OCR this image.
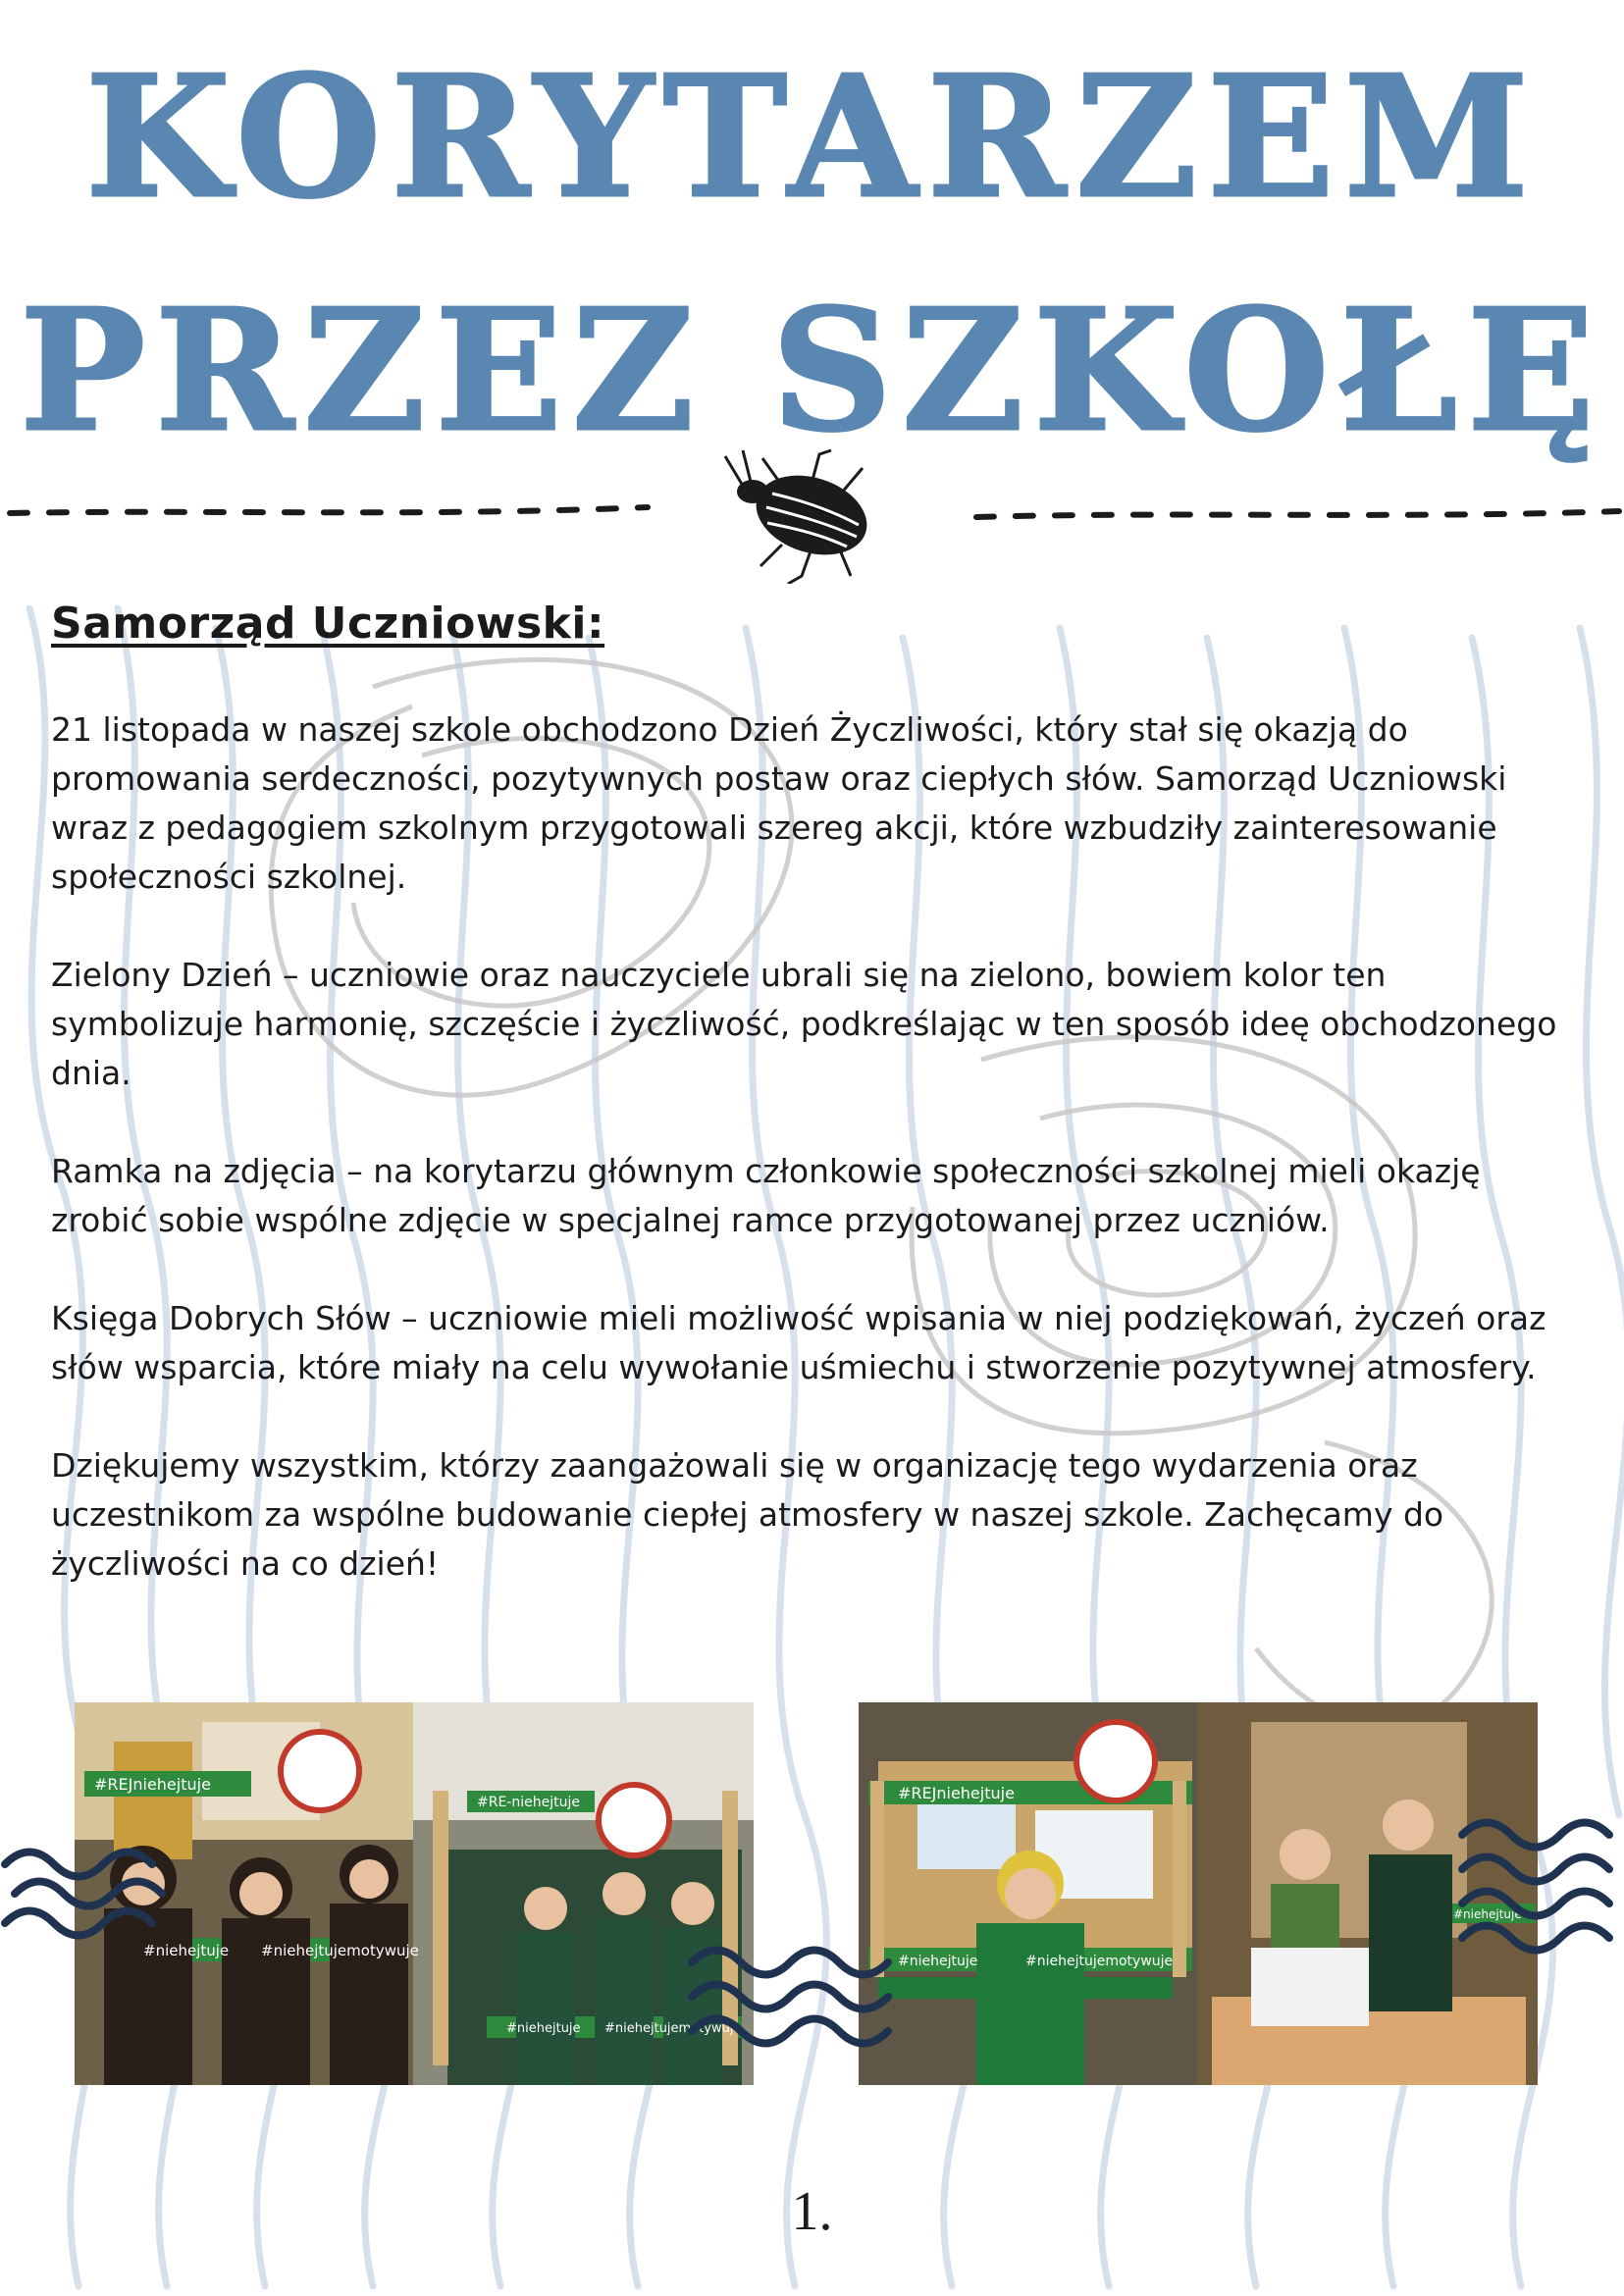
KORYTARZEM
PRZEZ SZKOŁĘ
Samorząd Uczniowski:

21 listopada w naszej szkole obchodzono Dzień Życzliwości, który stał się okazją do promowania serdeczności, pozytywnych postaw oraz ciepłych słów. Samorząd Uczniowski wraz z pedagogiem szkolnym przygotowali szereg akcji, które wzbudziły zainteresowanie społeczności szkolnej.

Zielony Dzień – uczniowie oraz nauczyciele ubrali się na zielono, bowiem kolor ten symbolizuje harmonię, szczęście i życzliwość, podkreślając w ten sposób ideę obchodzonego dnia.

Ramka na zdjęcia – na korytarzu głównym członkowie społeczności szkolnej mieli okazję zrobić sobie wspólne zdjęcie w specjalnej ramce przygotowanej przez uczniów.

Księga Dobrych Słów – uczniowie mieli możliwość wpisania w niej podziękowań, życzeń oraz słów wsparcia, które miały na celu wywołanie uśmiechu i stworzenie pozytywnej atmosfery.

Dziękujemy wszystkim, którzy zaangażowali się w organizację tego wydarzenia oraz uczestnikom za wspólne budowanie ciepłej atmosfery w naszej szkole. Zachęcamy do życzliwości na co dzień!

#REJniehejtuje
#RE-niehejtuje
#niehejtuje #niehejtujemotywuje
#niehejtuje #niehejtujemotywuje
#REJniehejtuje
#niehejtuje	#niehejtujemotywuje
#niehejtuje
1.
